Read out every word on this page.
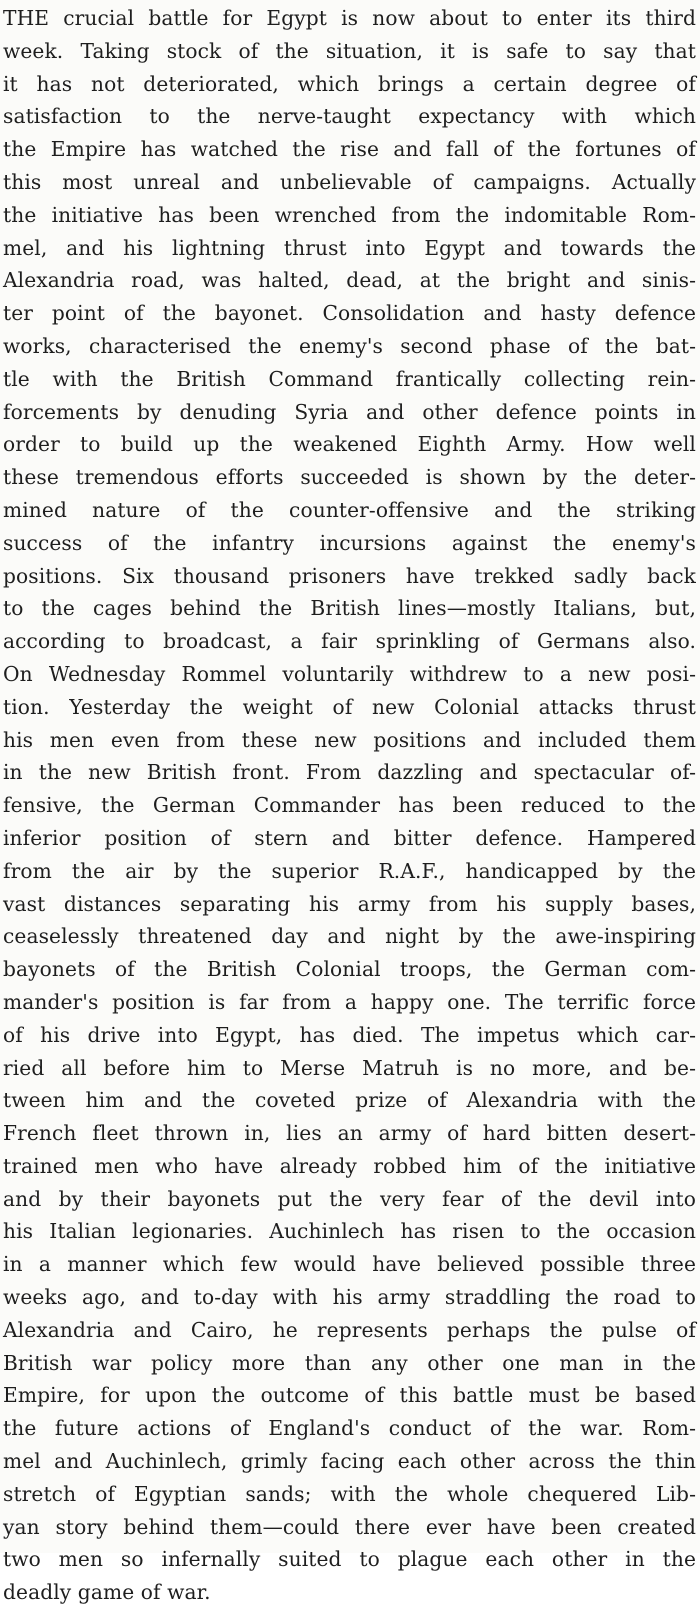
THE crucial battle for Egypt is now about to enter its third
week. Taking stock of the situation, it is safe to say that
it has not deteriorated, which brings a certain degree of
satisfaction to the nerve-taught expectancy with which
the Empire has watched the rise and fall of the fortunes of
this most unreal and unbelievable of campaigns. Actually
the initiative has been wrenched from the indomitable Rom-
mel, and his lightning thrust into Egypt and towards the
Alexandria road, was halted, dead, at the bright and sinis-
ter point of the bayonet. Consolidation and hasty defence
works, characterised the enemy's second phase of the bat-
tle with the British Command frantically collecting rein-
forcements by denuding Syria and other defence points in
order to build up the weakened Eighth Army. How well
these tremendous efforts succeeded is shown by the deter-
mined nature of the counter-offensive and the striking
success of the infantry incursions against the enemy's
positions. Six thousand prisoners have trekked sadly back
to the cages behind the British lines—mostly Italians, but,
according to broadcast, a fair sprinkling of Germans also.
On Wednesday Rommel voluntarily withdrew to a new posi-
tion. Yesterday the weight of new Colonial attacks thrust
his men even from these new positions and included them
in the new British front. From dazzling and spectacular of-
fensive, the German Commander has been reduced to the
inferior position of stern and bitter defence. Hampered
from the air by the superior R.A.F., handicapped by the
vast distances separating his army from his supply bases,
ceaselessly threatened day and night by the awe-inspiring
bayonets of the British Colonial troops, the German com-
mander's position is far from a happy one. The terrific force
of his drive into Egypt, has died. The impetus which car-
ried all before him to Merse Matruh is no more, and be-
tween him and the coveted prize of Alexandria with the
French fleet thrown in, lies an army of hard bitten desert-
trained men who have already robbed him of the initiative
and by their bayonets put the very fear of the devil into
his Italian legionaries. Auchinlech has risen to the occasion
in a manner which few would have believed possible three
weeks ago, and to-day with his army straddling the road to
Alexandria and Cairo, he represents perhaps the pulse of
British war policy more than any other one man in the
Empire, for upon the outcome of this battle must be based
the future actions of England's conduct of the war. Rom-
mel and Auchinlech, grimly facing each other across the thin
stretch of Egyptian sands; with the whole chequered Lib-
yan story behind them—could there ever have been created
two men so infernally suited to plague each other in the
deadly game of war.
